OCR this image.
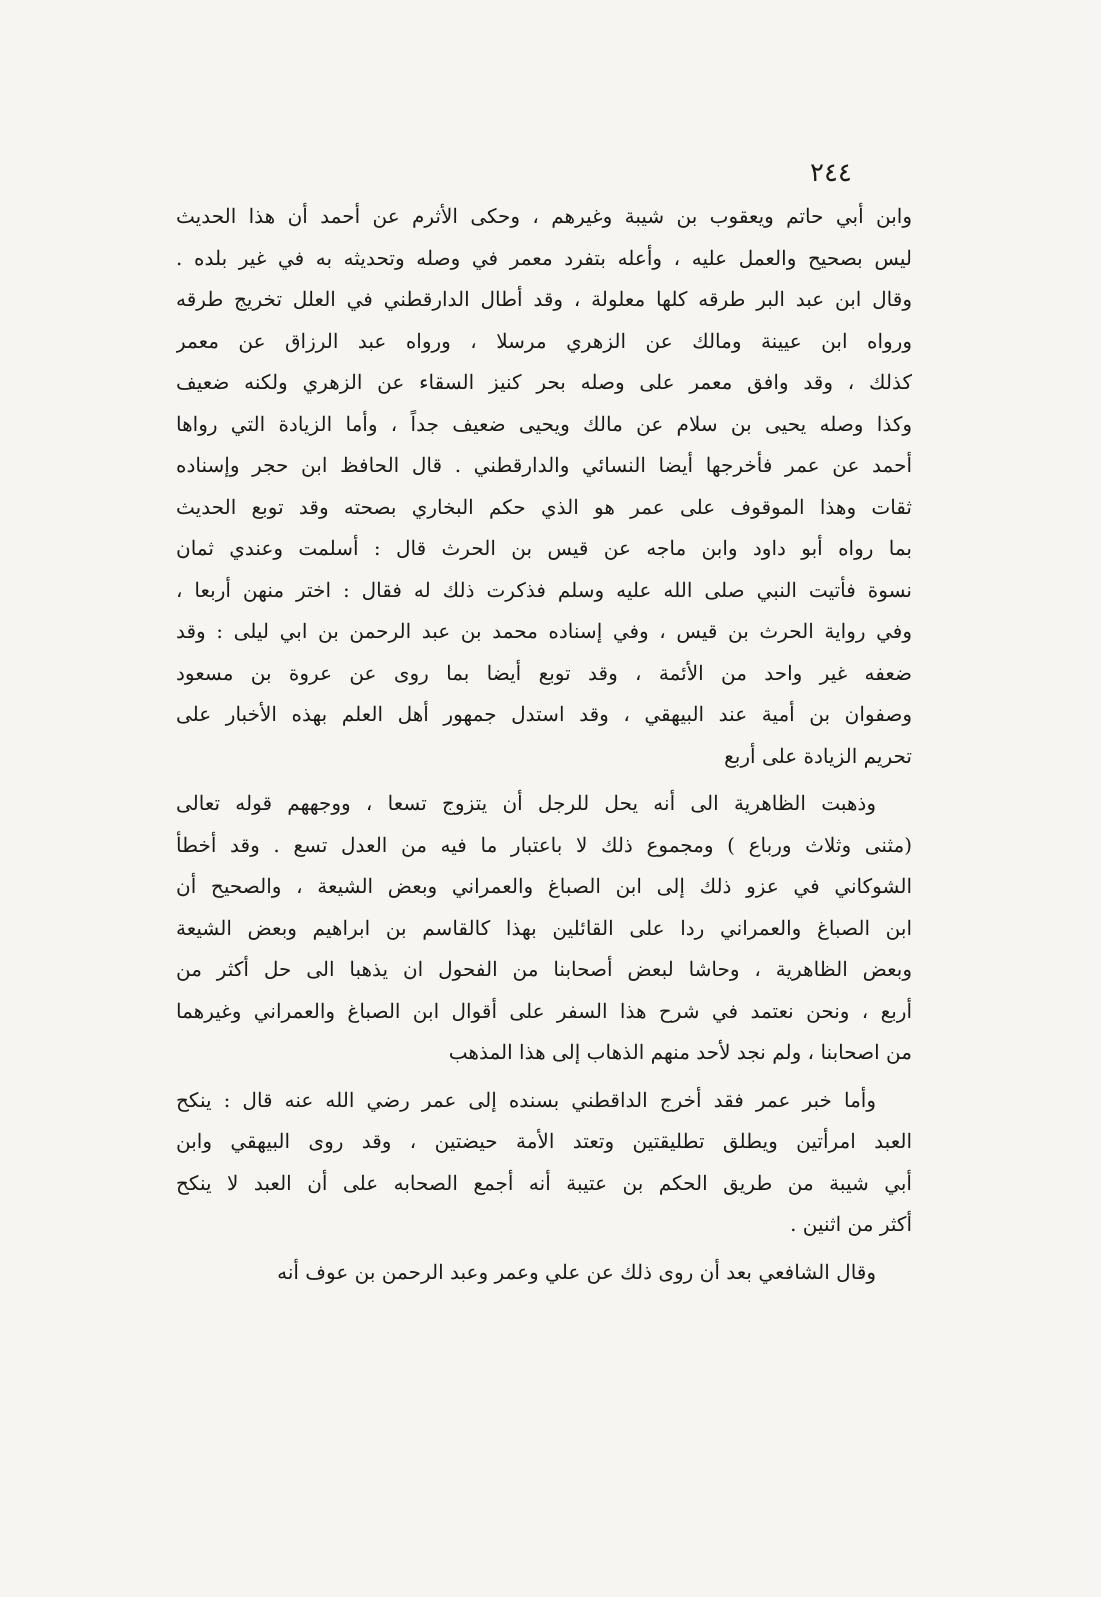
٢٤٤
وابن أبي حاتم ويعقوب بن شيبة وغيرهم ، وحكى الأثرم عن أحمد أن هذا الحديث
ليس بصحيح والعمل عليه ، وأعله بتفرد معمر في وصله وتحديثه به في غير بلده .
وقال ابن عبد البر طرقه كلها معلولة ، وقد أطال الدارقطني في العلل تخريج طرقه
ورواه ابن عيينة ومالك عن الزهري مرسلا ، ورواه عبد الرزاق عن معمر
كذلك ، وقد وافق معمر على وصله بحر كنيز السقاء عن الزهري ولكنه ضعيف
وكذا وصله يحيى بن سلام عن مالك ويحيى ضعيف جداً ، وأما الزيادة التي رواها
أحمد عن عمر فأخرجها أيضا النسائي والدارقطني . قال الحافظ ابن حجر وإسناده
ثقات وهذا الموقوف على عمر هو الذي حكم البخاري بصحته وقد توبع الحديث
بما رواه أبو داود وابن ماجه عن قيس بن الحرث قال : أسلمت وعندي ثمان
نسوة فأتيت النبي صلى الله عليه وسلم فذكرت ذلك له فقال : اختر منهن أربعا ،
وفي رواية الحرث بن قيس ، وفي إسناده محمد بن عبد الرحمن بن ابي ليلى : وقد
ضعفه غير واحد من الأئمة ، وقد توبع أيضا بما روى عن عروة بن مسعود
وصفوان بن أمية عند البيهقي ، وقد استدل جمهور أهل العلم بهذه الأخبار على
تحريم الزيادة على أربع
وذهبت الظاهرية الى أنه يحل للرجل أن يتزوج تسعا ، ووجههم قوله تعالى
(مثنى وثلاث ورباع ) ومجموع ذلك لا باعتبار ما فيه من العدل تسع . وقد أخطأ
الشوكاني في عزو ذلك إلى ابن الصباغ والعمراني وبعض الشيعة ، والصحيح أن
ابن الصباغ والعمراني ردا على القائلين بهذا كالقاسم بن ابراهيم وبعض الشيعة
وبعض الظاهرية ، وحاشا لبعض أصحابنا من الفحول ان يذهبا الى حل أكثر من
أربع ، ونحن نعتمد في شرح هذا السفر على أقوال ابن الصباغ والعمراني وغيرهما
من اصحابنا ، ولم نجد لأحد منهم الذهاب إلى هذا المذهب
وأما خبر عمر فقد أخرج الداقطني بسنده إلى عمر رضي الله عنه قال : ينكح
العبد امرأتين ويطلق تطليقتين وتعتد الأمة حيضتين ، وقد روى البيهقي وابن
أبي شيبة من طريق الحكم بن عتيبة أنه أجمع الصحابه على أن العبد لا ينكح
أكثر من اثنين .
وقال الشافعي بعد أن روى ذلك عن علي وعمر وعبد الرحمن بن عوف أنه
